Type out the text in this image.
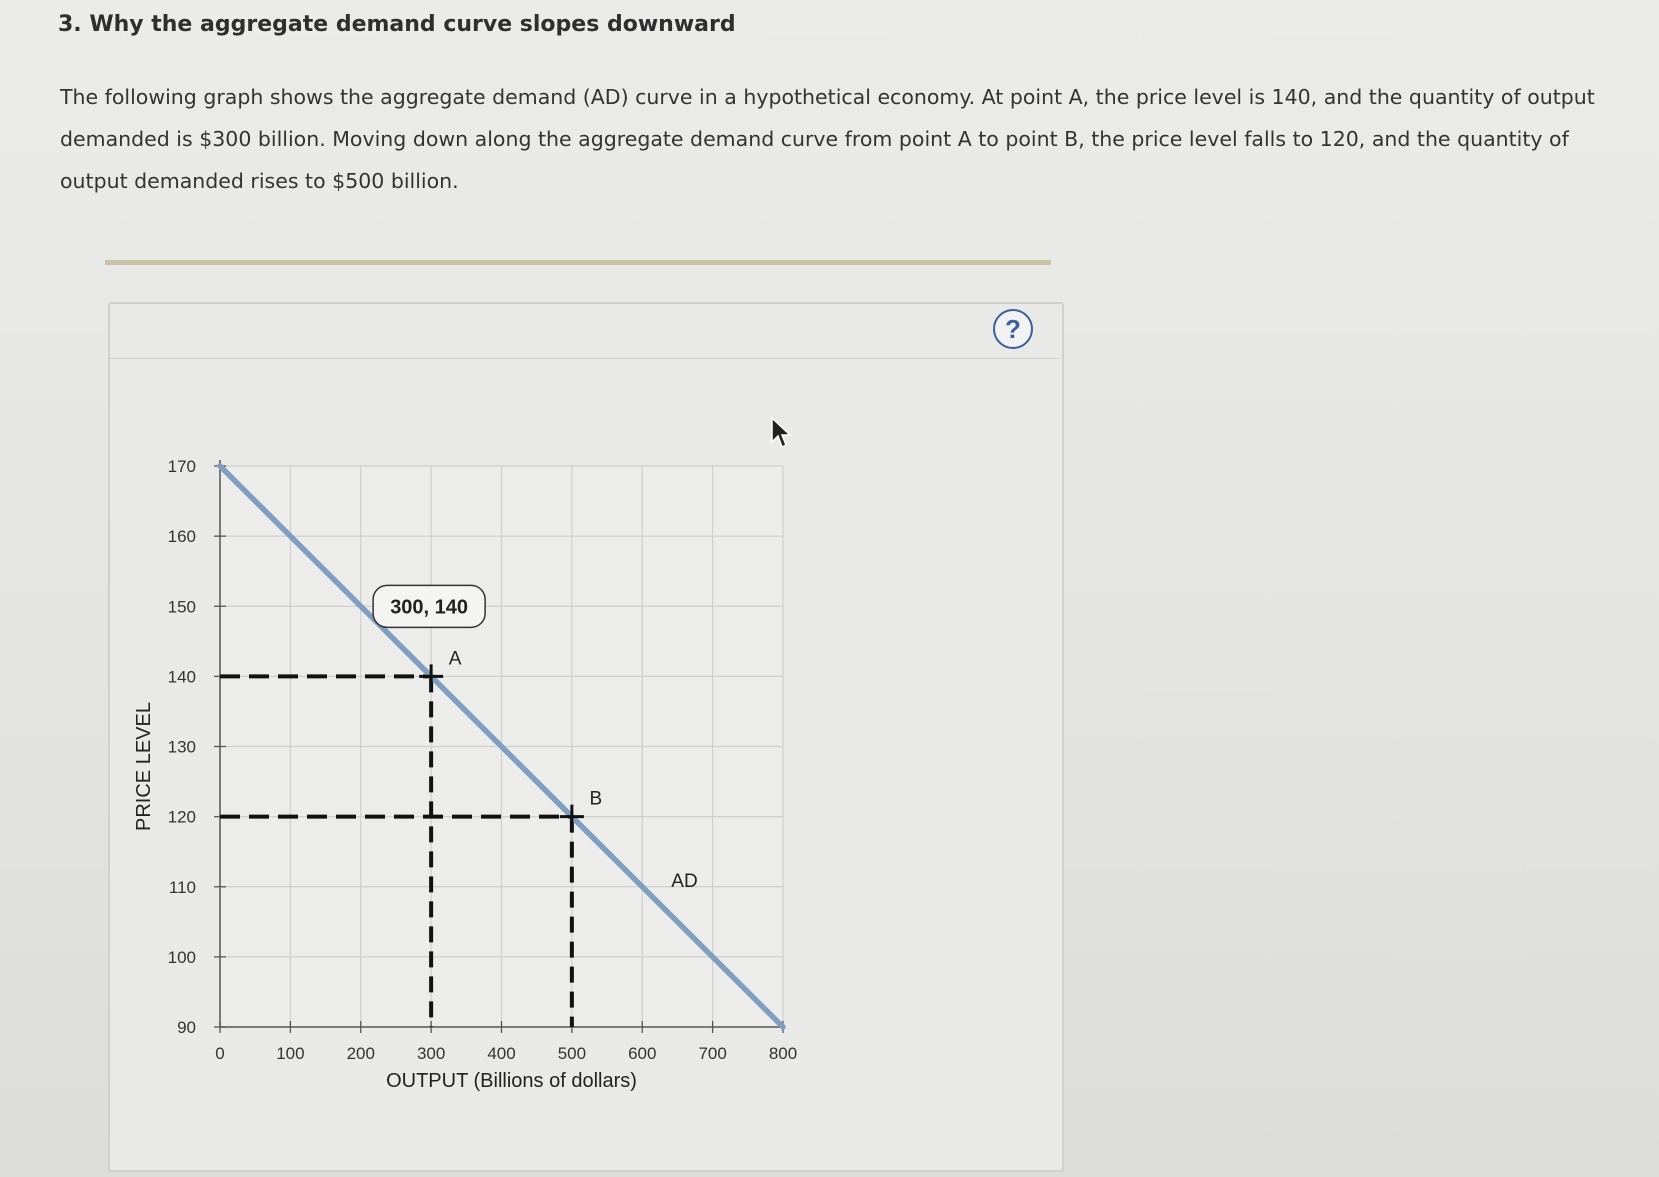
3. Why the aggregate demand curve slopes downward
The following graph shows the aggregate demand (AD) curve in a hypothetical economy. At point A, the price level is 140, and the quantity of output demanded is $300 billion. Moving down along the aggregate demand curve from point A to point B, the price level falls to 120, and the quantity of output demanded rises to $500 billion.
?
90
100
110
120
130
140
150
160
170
0	100 200 300 400 500 600 700 800
OUTPUT (Billions of dollars)
PRICE LEVEL
AD
A
B
300, 140
